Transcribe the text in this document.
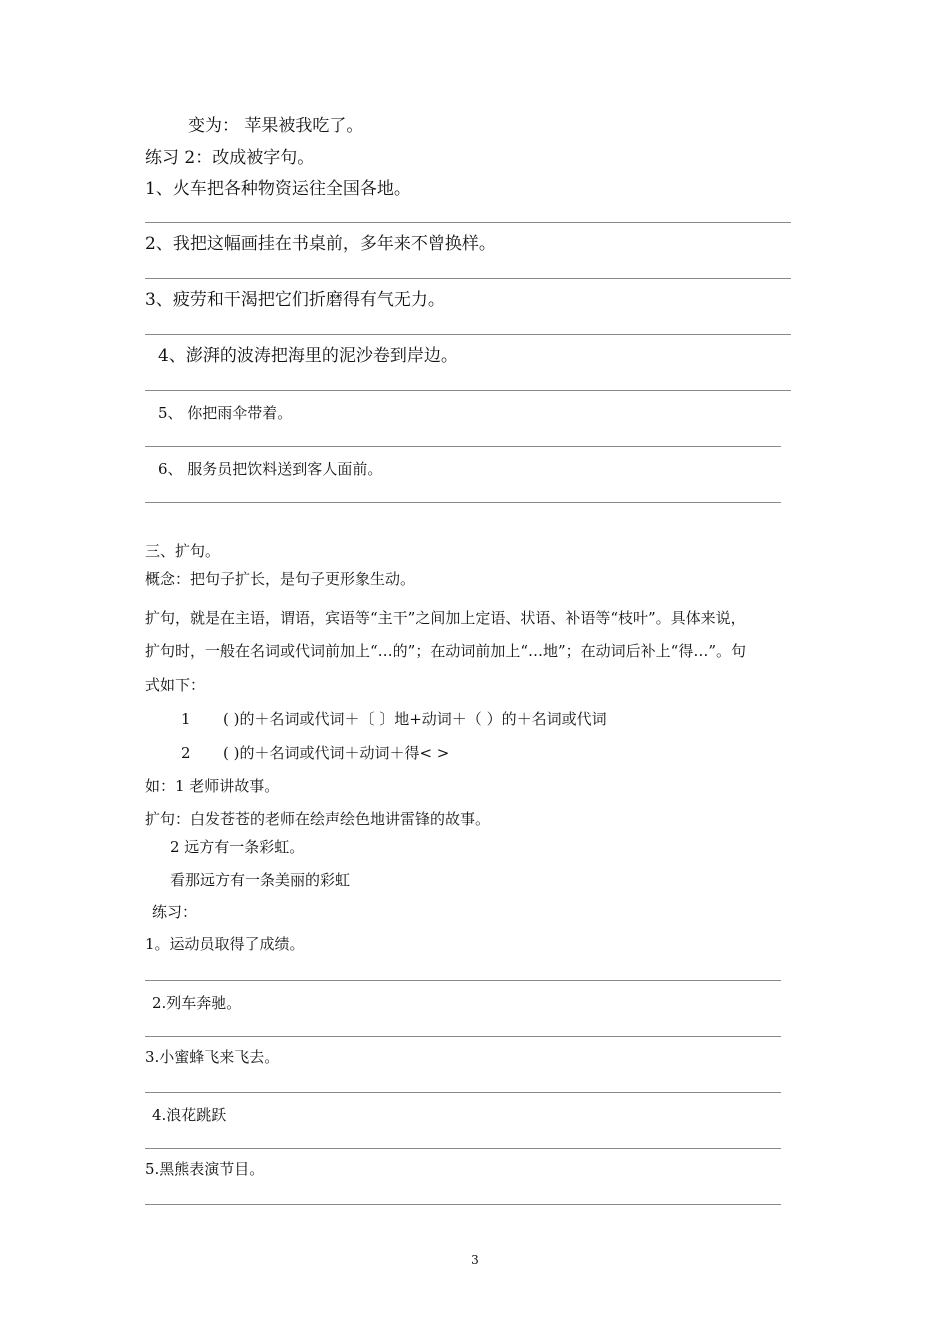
变为： 苹果被我吃了。
练习 2：改成被字句。
1、火车把各种物资运往全国各地。
2、我把这幅画挂在书桌前，多年来不曾换样。
3、疲劳和干渴把它们折磨得有气无力。
4、澎湃的波涛把海里的泥沙卷到岸边。
5、 你把雨伞带着。
6、 服务员把饮料送到客人面前。
三、扩句。
概念：把句子扩长，是句子更形象生动。
扩句，就是在主语，谓语，宾语等“主干”之间加上定语、状语、补语等“枝叶”。具体来说，
扩句时，一般在名词或代词前加上“…的”；在动词前加上“…地”；在动词后补上“得…”。句
式如下：
1 ( )的＋名词或代词＋〔 〕地+动词＋（ ）的＋名词或代词
2 ( )的＋名词或代词＋动词＋得< >
如：1 老师讲故事。
扩句：白发苍苍的老师在绘声绘色地讲雷锋的故事。
2 远方有一条彩虹。
看那远方有一条美丽的彩虹
练习：
1。运动员取得了成绩。
2.列车奔驰。
3.小蜜蜂飞来飞去。
4.浪花跳跃
5.黑熊表演节目。
3
